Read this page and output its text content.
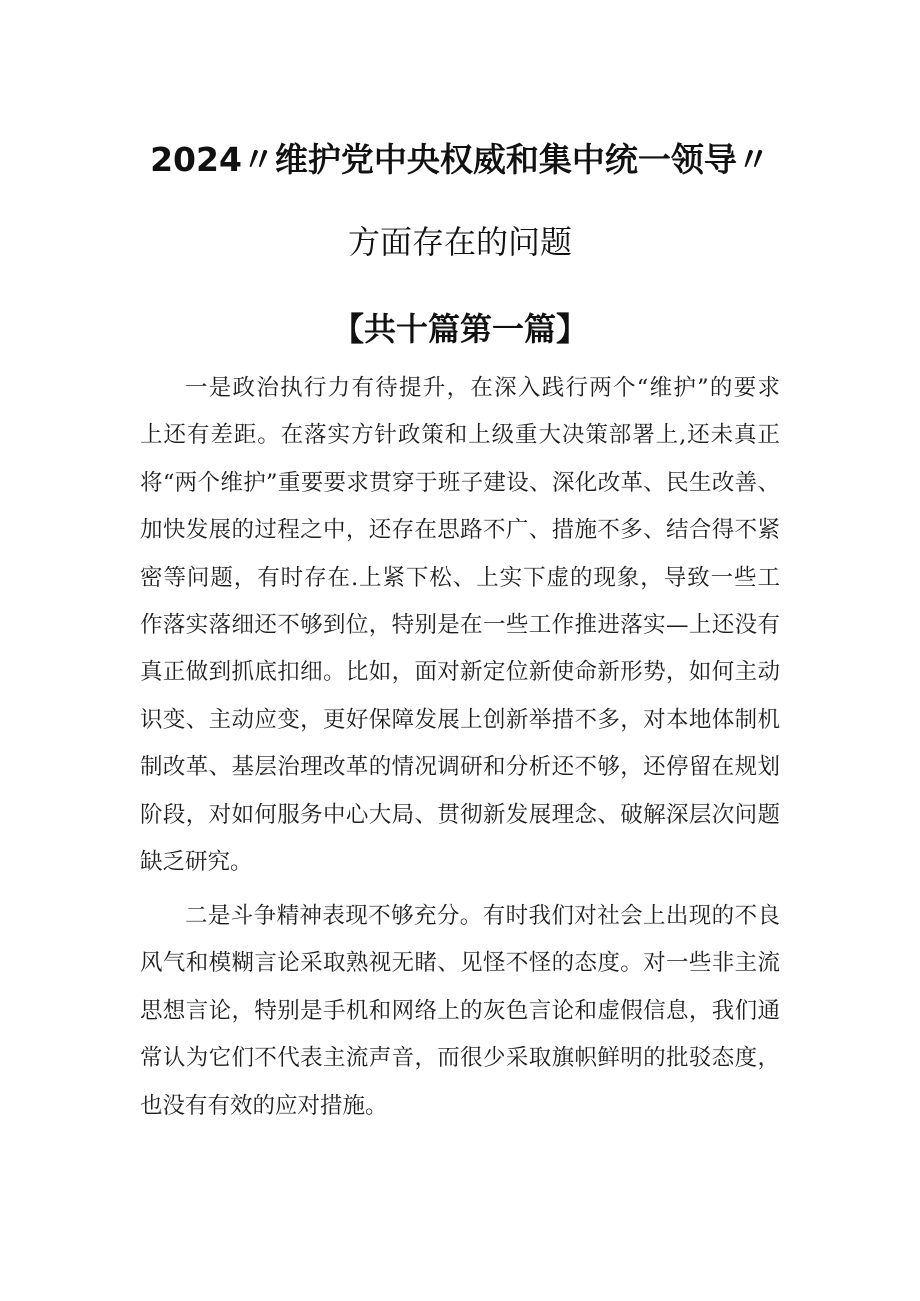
2024〃维护党中央权威和集中统一领导〃
方面存在的问题
【共十篇第一篇】
一是政治执行力有待提升，在深入践行两个“维护”的要求
上还有差距。在落实方针政策和上级重大决策部署上,还未真正
将“两个维护”重要要求贯穿于班子建设、深化改革、民生改善、
加快发展的过程之中，还存在思路不广、措施不多、结合得不紧
密等问题，有时存在.上紧下松、上实下虚的现象，导致一些工
作落实落细还不够到位，特别是在一些工作推进落实—上还没有
真正做到抓底扣细。比如，面对新定位新使命新形势，如何主动
识变、主动应变，更好保障发展上创新举措不多，对本地体制机
制改革、基层治理改革的情况调研和分析还不够，还停留在规划
阶段，对如何服务中心大局、贯彻新发展理念、破解深层次问题
缺乏研究。
二是斗争精神表现不够充分。有时我们对社会上出现的不良
风气和模糊言论采取熟视无睹、见怪不怪的态度。对一些非主流
思想言论，特别是手机和网络上的灰色言论和虚假信息，我们通
常认为它们不代表主流声音，而很少采取旗帜鲜明的批驳态度，
也没有有效的应对措施。
